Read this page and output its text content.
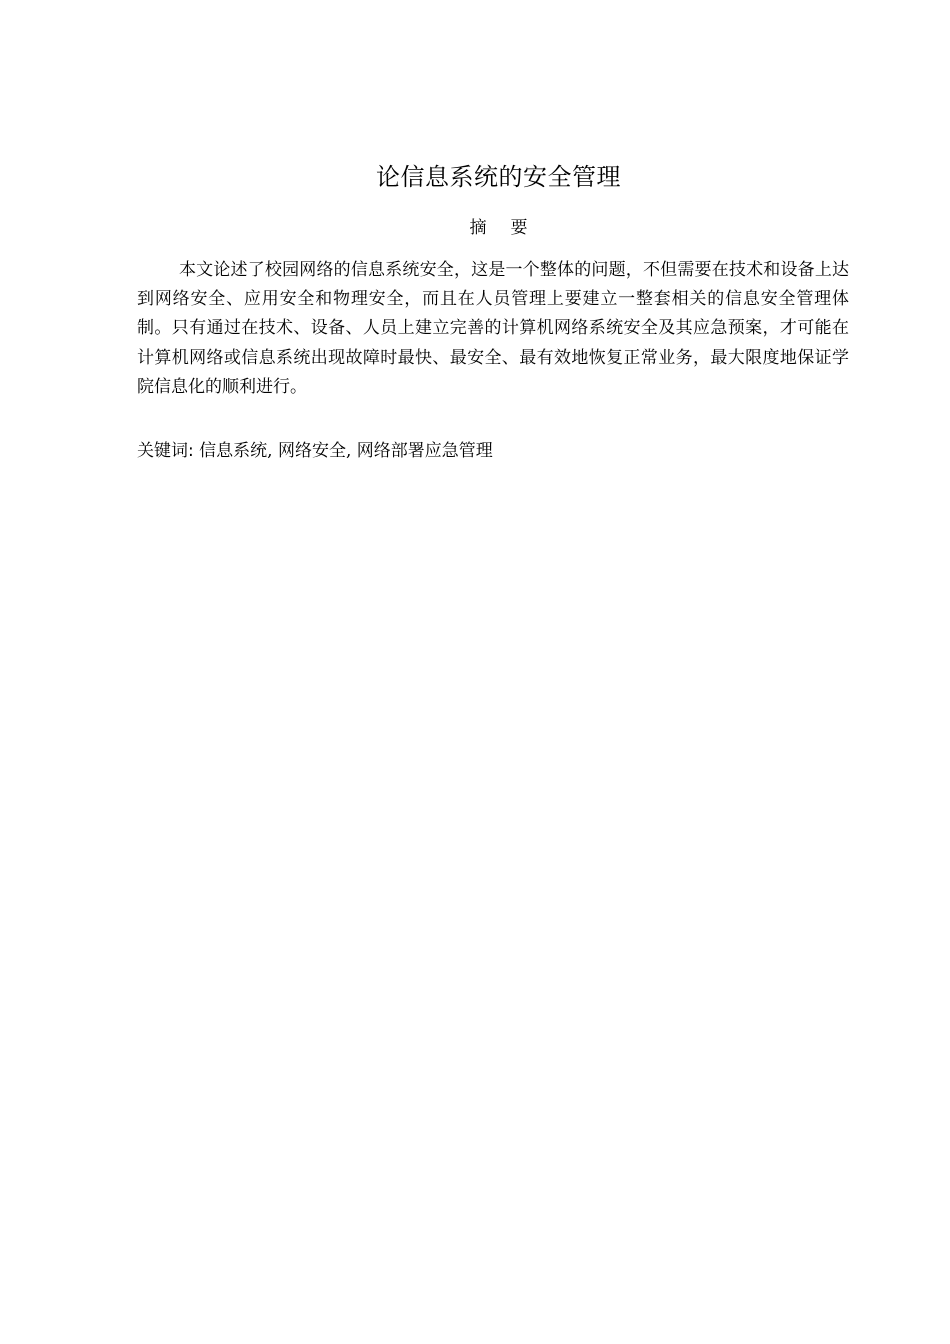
论信息系统的安全管理
摘 要

本文论述了校园网络的信息系统安全，这是一个整体的问题，不但需要在技术和设备上达到网络安全、应用安全和物理安全，而且在人员管理上要建立一整套相关的信息安全管理体制。只有通过在技术、设备、人员上建立完善的计算机网络系统安全及其应急预案，才可能在计算机网络或信息系统出现故障时最快、最安全、最有效地恢复正常业务，最大限度地保证学院信息化的顺利进行。

关键词: 信息系统, 网络安全, 网络部署应急管理
